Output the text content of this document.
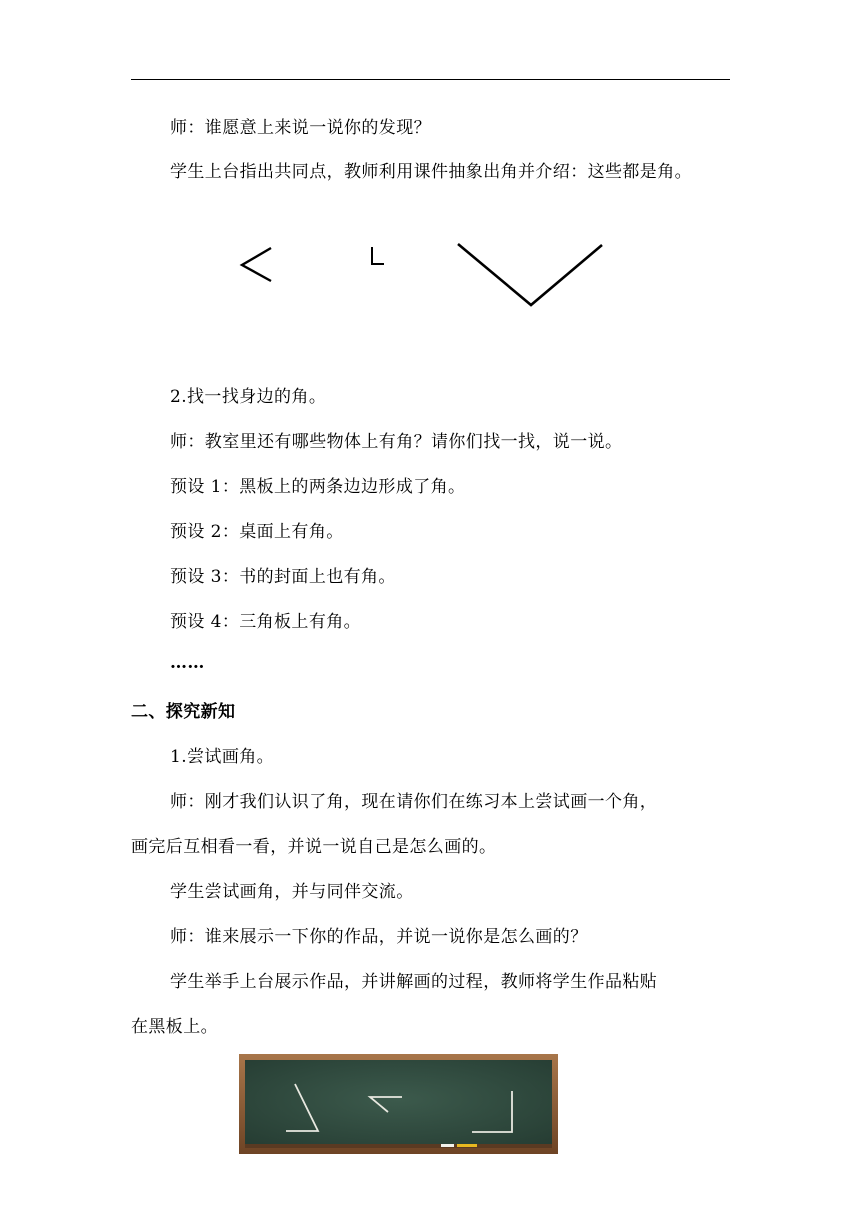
师：谁愿意上来说一说你的发现？
学生上台指出共同点，教师利用课件抽象出角并介绍：这些都是角。
2.找一找身边的角。
师：教室里还有哪些物体上有角？请你们找一找，说一说。
预设 1：黑板上的两条边边形成了角。
预设 2：桌面上有角。
预设 3：书的封面上也有角。
预设 4：三角板上有角。
……
二、探究新知
1.尝试画角。
师：刚才我们认识了角，现在请你们在练习本上尝试画一个角，
画完后互相看一看，并说一说自己是怎么画的。
学生尝试画角，并与同伴交流。
师：谁来展示一下你的作品，并说一说你是怎么画的？
学生举手上台展示作品，并讲解画的过程，教师将学生作品粘贴
在黑板上。
